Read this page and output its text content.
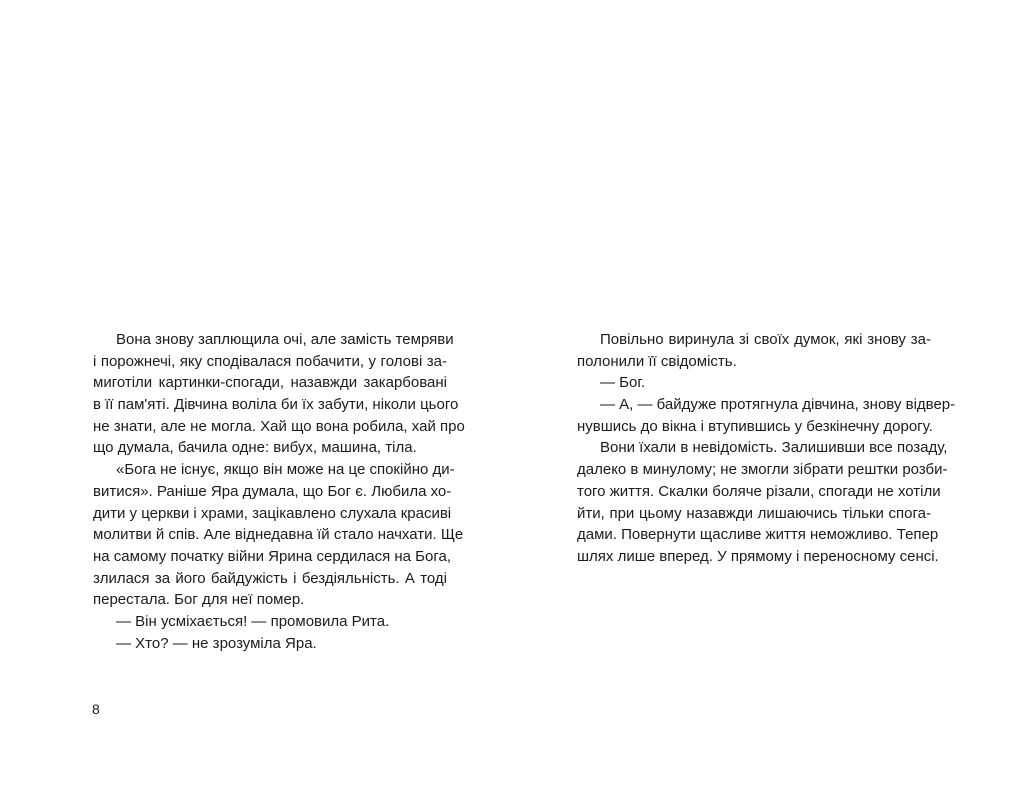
Вона знову заплющила очі, але замість темряви
і порожнечі, яку сподівалася побачити, у голові за-
миготіли картинки-спогади, назавжди закарбовані
в її пам'яті. Дівчина воліла би їх забути, ніколи цього
не знати, але не могла. Хай що вона робила, хай про
що думала, бачила одне: вибух, машина, тіла.
«Бога не існує, якщо він може на це спокійно ди-
витися». Раніше Яра думала, що Бог є. Любила хо-
дити у церкви і храми, зацікавлено слухала красиві
молитви й спів. Але віднедавна їй стало начхати. Ще
на самому початку війни Ярина сердилася на Бога,
злилася за його байдужість і бездіяльність. А тоді
перестала. Бог для неї помер.
— Він усміхається! — промовила Рита.
— Хто? — не зрозуміла Яра.
Повільно виринула зі своїх думок, які знову за-
полонили її свідомість.
— Бог.
— А, — байдуже протягнула дівчина, знову відвер-
нувшись до вікна і втупившись у безкінечну дорогу.
Вони їхали в невідомість. Залишивши все позаду,
далеко в минулому; не змогли зібрати рештки розби-
того життя. Скалки боляче різали, спогади не хотіли
йти, при цьому назавжди лишаючись тільки спога-
дами. Повернути щасливе життя неможливо. Тепер
шлях лише вперед. У прямому і переносному сенсі.
8
